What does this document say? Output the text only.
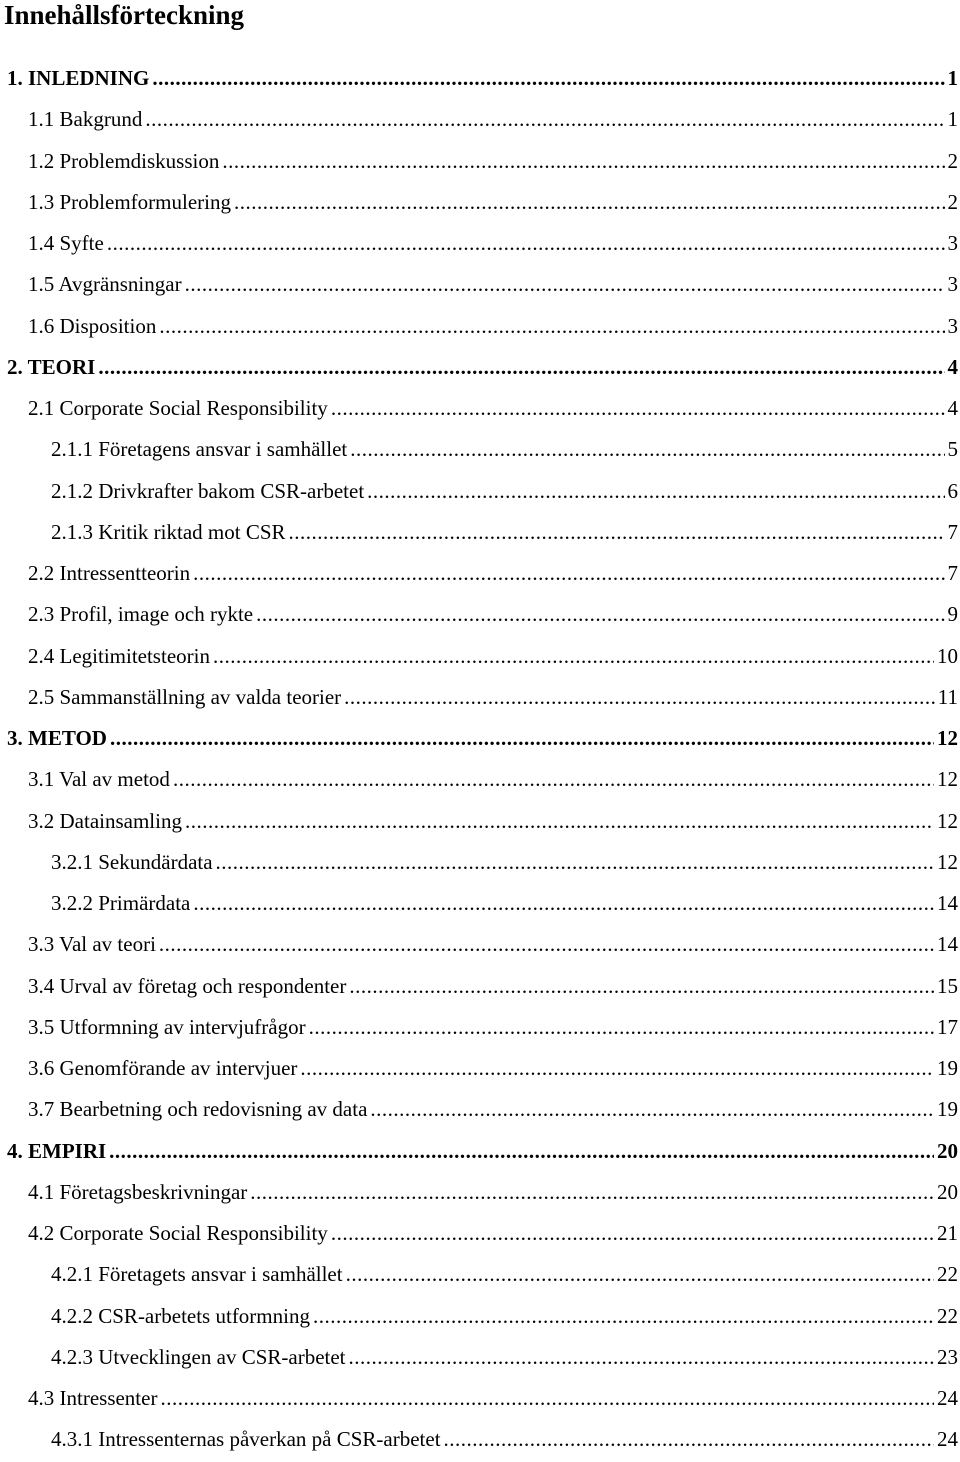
Innehållsförteckning
1. INLEDNING .....	1
1.1 Bakgrund .....	1
1.2 Problemdiskussion .....	2
1.3 Problemformulering .....	2
1.4 Syfte .....	3
1.5 Avgränsningar .....	3
1.6 Disposition .....	3
2. TEORI .....	4
2.1 Corporate Social Responsibility .....	4
2.1.1 Företagens ansvar i samhället .....	5
2.1.2 Drivkrafter bakom CSR-arbetet .....	6
2.1.3 Kritik riktad mot CSR .....	7
2.2 Intressentteorin .....	7
2.3 Profil, image och rykte .....	9
2.4 Legitimitetsteorin .....	10
2.5 Sammanställning av valda teorier .....	11
3. METOD .....	12
3.1 Val av metod .....	12
3.2 Datainsamling .....	12
3.2.1 Sekundärdata .....	12
3.2.2 Primärdata .....	14
3.3 Val av teori .....	14
3.4 Urval av företag och respondenter .....	15
3.5 Utformning av intervjufrågor .....	17
3.6 Genomförande av intervjuer .....	19
3.7 Bearbetning och redovisning av data .....	19
4. EMPIRI .....	20
4.1 Företagsbeskrivningar .....	20
4.2 Corporate Social Responsibility .....	21
4.2.1 Företagets ansvar i samhället .....	22
4.2.2 CSR-arbetets utformning .....	22
4.2.3 Utvecklingen av CSR-arbetet .....	23
4.3 Intressenter .....	24
4.3.1 Intressenternas påverkan på CSR-arbetet .....	24
